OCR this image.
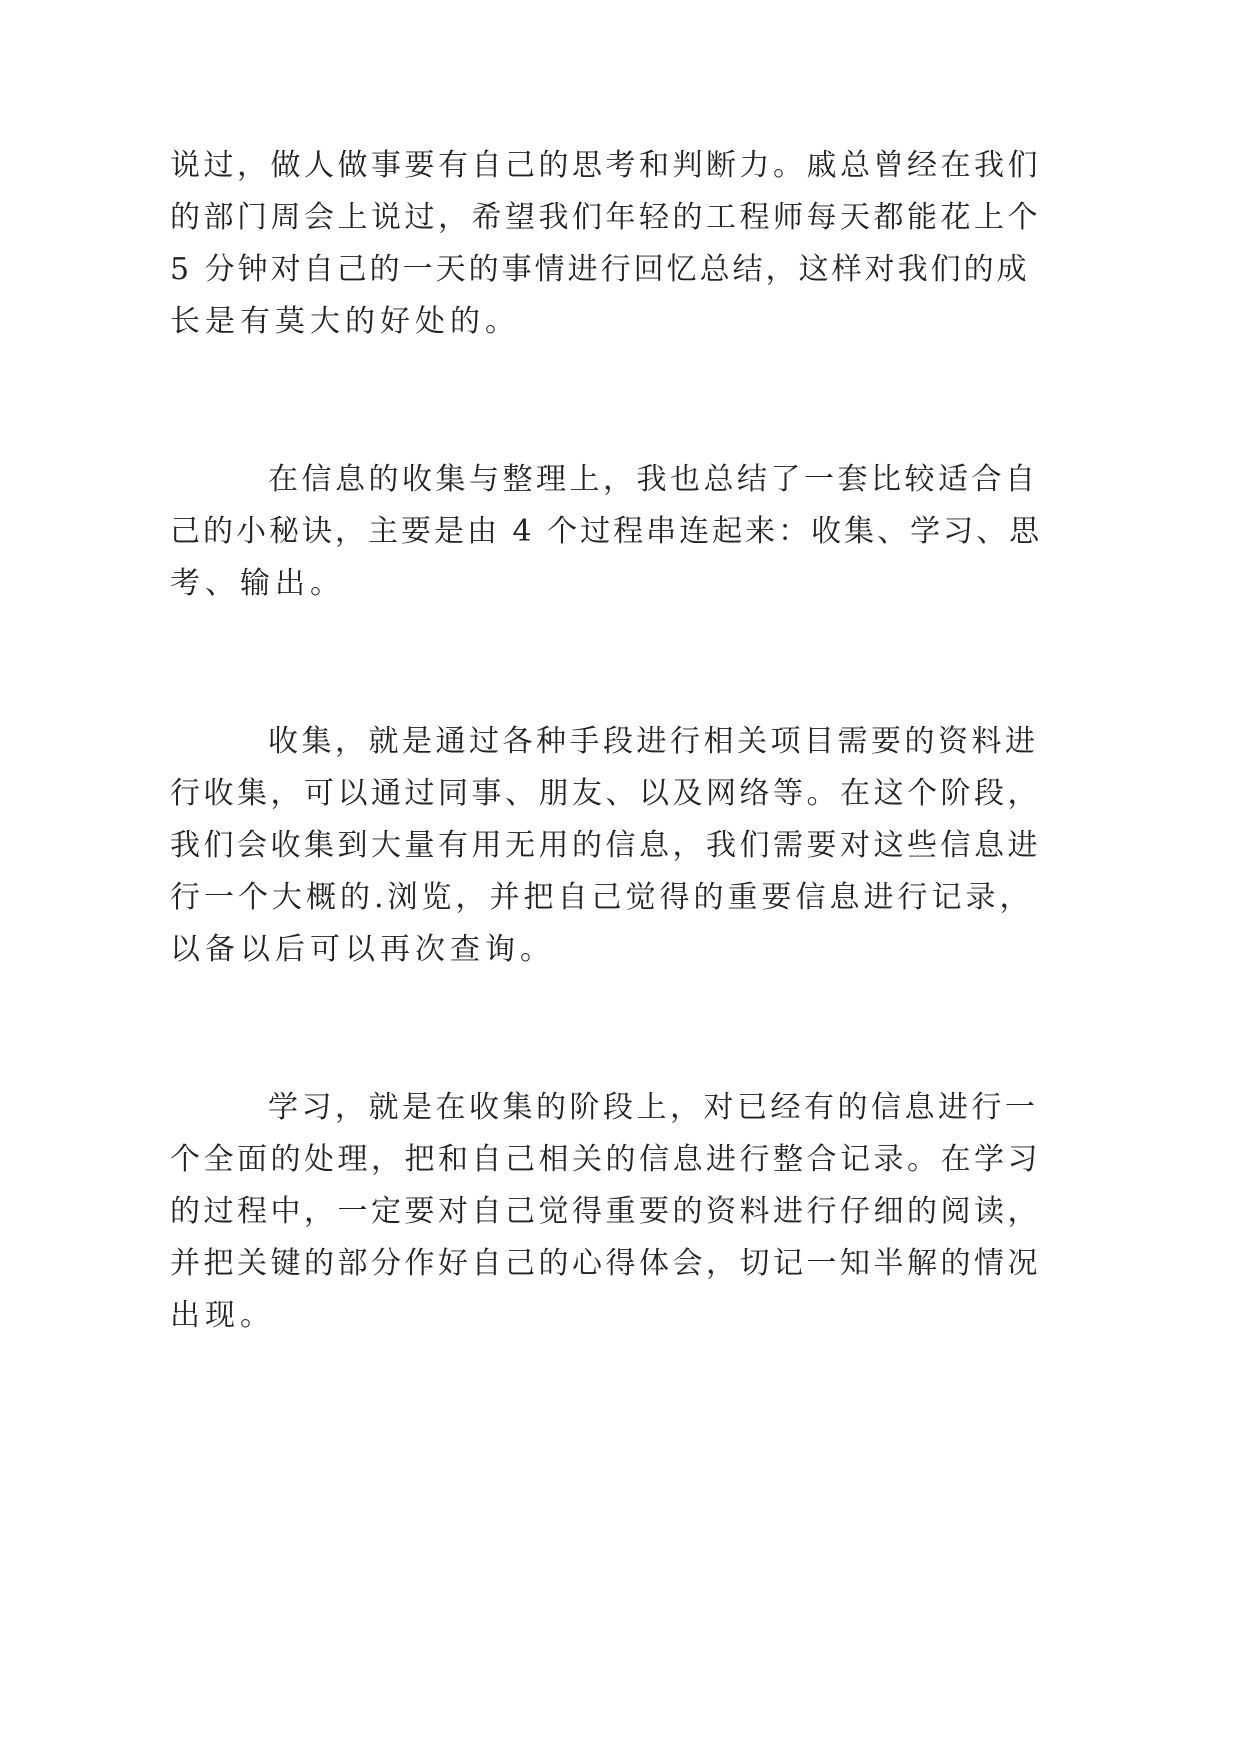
说过，做人做事要有自己的思考和判断力。戚总曾经在我们

的部门周会上说过，希望我们年轻的工程师每天都能花上个

5 分钟对自己的一天的事情进行回忆总结，这样对我们的成

长是有莫大的好处的。

在信息的收集与整理上，我也总结了一套比较适合自

己的小秘诀，主要是由 4 个过程串连起来：收集、学习、思

考、输出。

收集，就是通过各种手段进行相关项目需要的资料进

行收集，可以通过同事、朋友、以及网络等。在这个阶段，

我们会收集到大量有用无用的信息，我们需要对这些信息进

行一个大概的.浏览，并把自己觉得的重要信息进行记录，

以备以后可以再次查询。

学习，就是在收集的阶段上，对已经有的信息进行一

个全面的处理，把和自己相关的信息进行整合记录。在学习

的过程中，一定要对自己觉得重要的资料进行仔细的阅读，

并把关键的部分作好自己的心得体会，切记一知半解的情况

出现。
